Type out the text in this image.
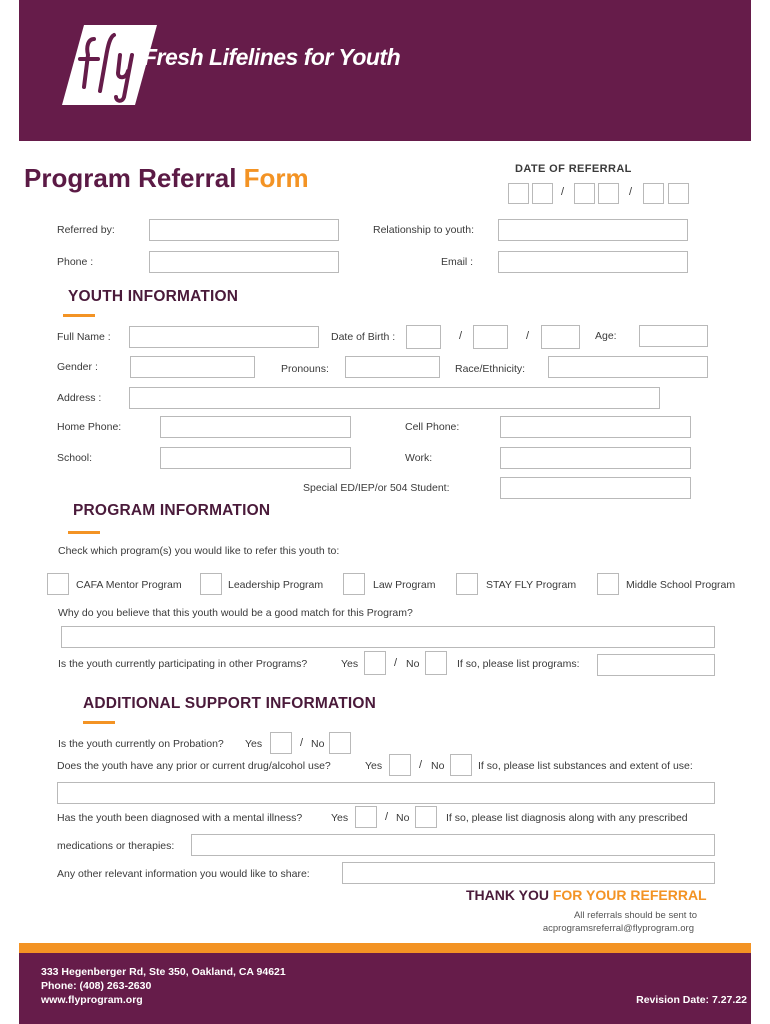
Fresh Lifelines for Youth
Program Referral Form	DATE OF REFERRAL
/	/
Referred by:	Relationship to youth:
Phone :	Email :
YOUTH INFORMATION
Full Name :	Date of Birth :	/	/	Age:
Gender :	Pronouns:	Race/Ethnicity:
Address :
Home Phone:	Cell Phone:
School:	Work:
Special ED/IEP/or 504 Student:
PROGRAM INFORMATION
Check which program(s) you would like to refer this youth to:
CAFA Mentor Program	Leadership Program	Law Program	STAY FLY Program	Middle School Program
Why do you believe that this youth would be a good match for this Program?
Is the youth currently participating in other Programs?	Yes	/ No	If so, please list programs:
ADDITIONAL SUPPORT INFORMATION
Is the youth currently on Probation? Yes	/ No
Does the youth have any prior or current drug/alcohol use?	Yes	/ No	If so, please list substances and extent of use:
Has the youth been diagnosed with a mental illness?	Yes	/ No	If so, please list diagnosis along with any prescribed
medications or therapies:
Any other relevant information you would like to share:
THANK YOU FOR YOUR REFERRAL
All referrals should be sent to
acprogramsreferral@flyprogram.org
333 Hegenberger Rd, Ste 350, Oakland, CA 94621
Phone: (408) 263-2630
www.flyprogram.org	Revision Date: 7.27.22
